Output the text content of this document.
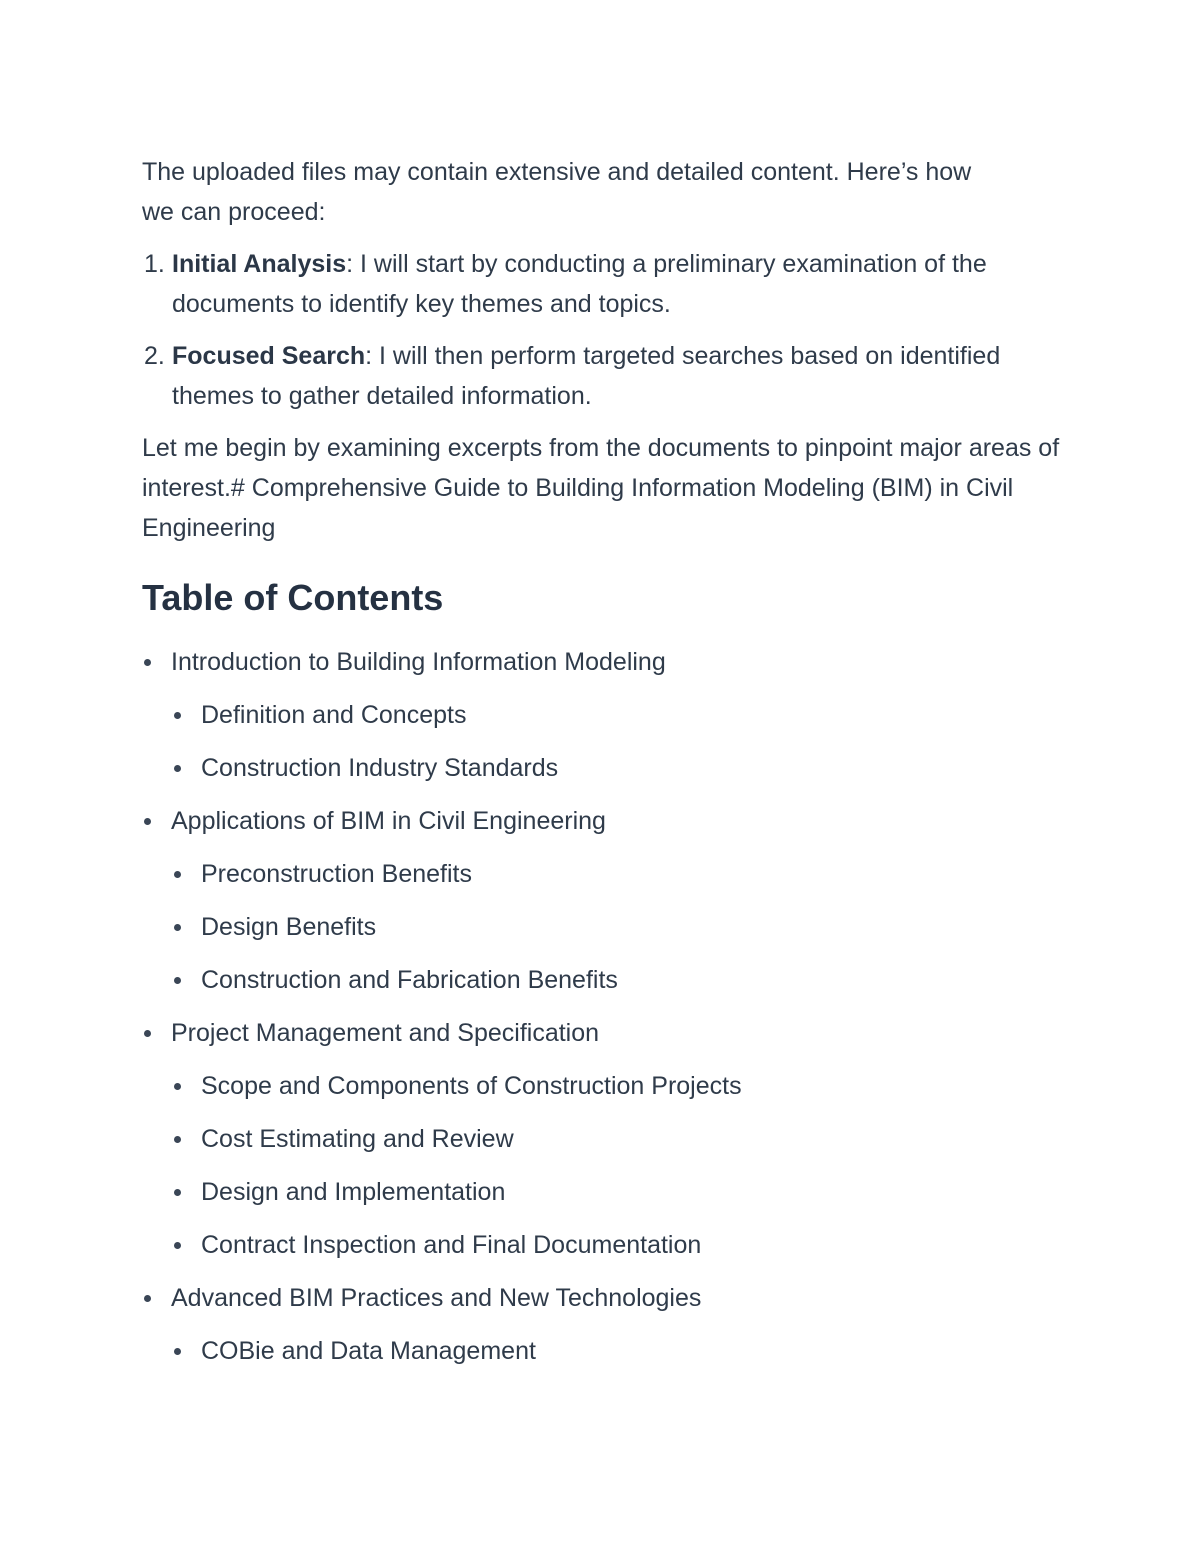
The uploaded files may contain extensive and detailed content. Here’s how
we can proceed:

1. Initial Analysis: I will start by conducting a preliminary examination of the documents to identify key themes and topics.
2. Focused Search: I will then perform targeted searches based on identified themes to gather detailed information.

Let me begin by examining excerpts from the documents to pinpoint major areas of interest.# Comprehensive Guide to Building Information Modeling (BIM) in Civil Engineering

Table of Contents
Introduction to Building Information Modeling
Definition and Concepts
Construction Industry Standards
Applications of BIM in Civil Engineering
Preconstruction Benefits
Design Benefits
Construction and Fabrication Benefits
Project Management and Specification
Scope and Components of Construction Projects
Cost Estimating and Review
Design and Implementation
Contract Inspection and Final Documentation
Advanced BIM Practices and New Technologies
COBie and Data Management
